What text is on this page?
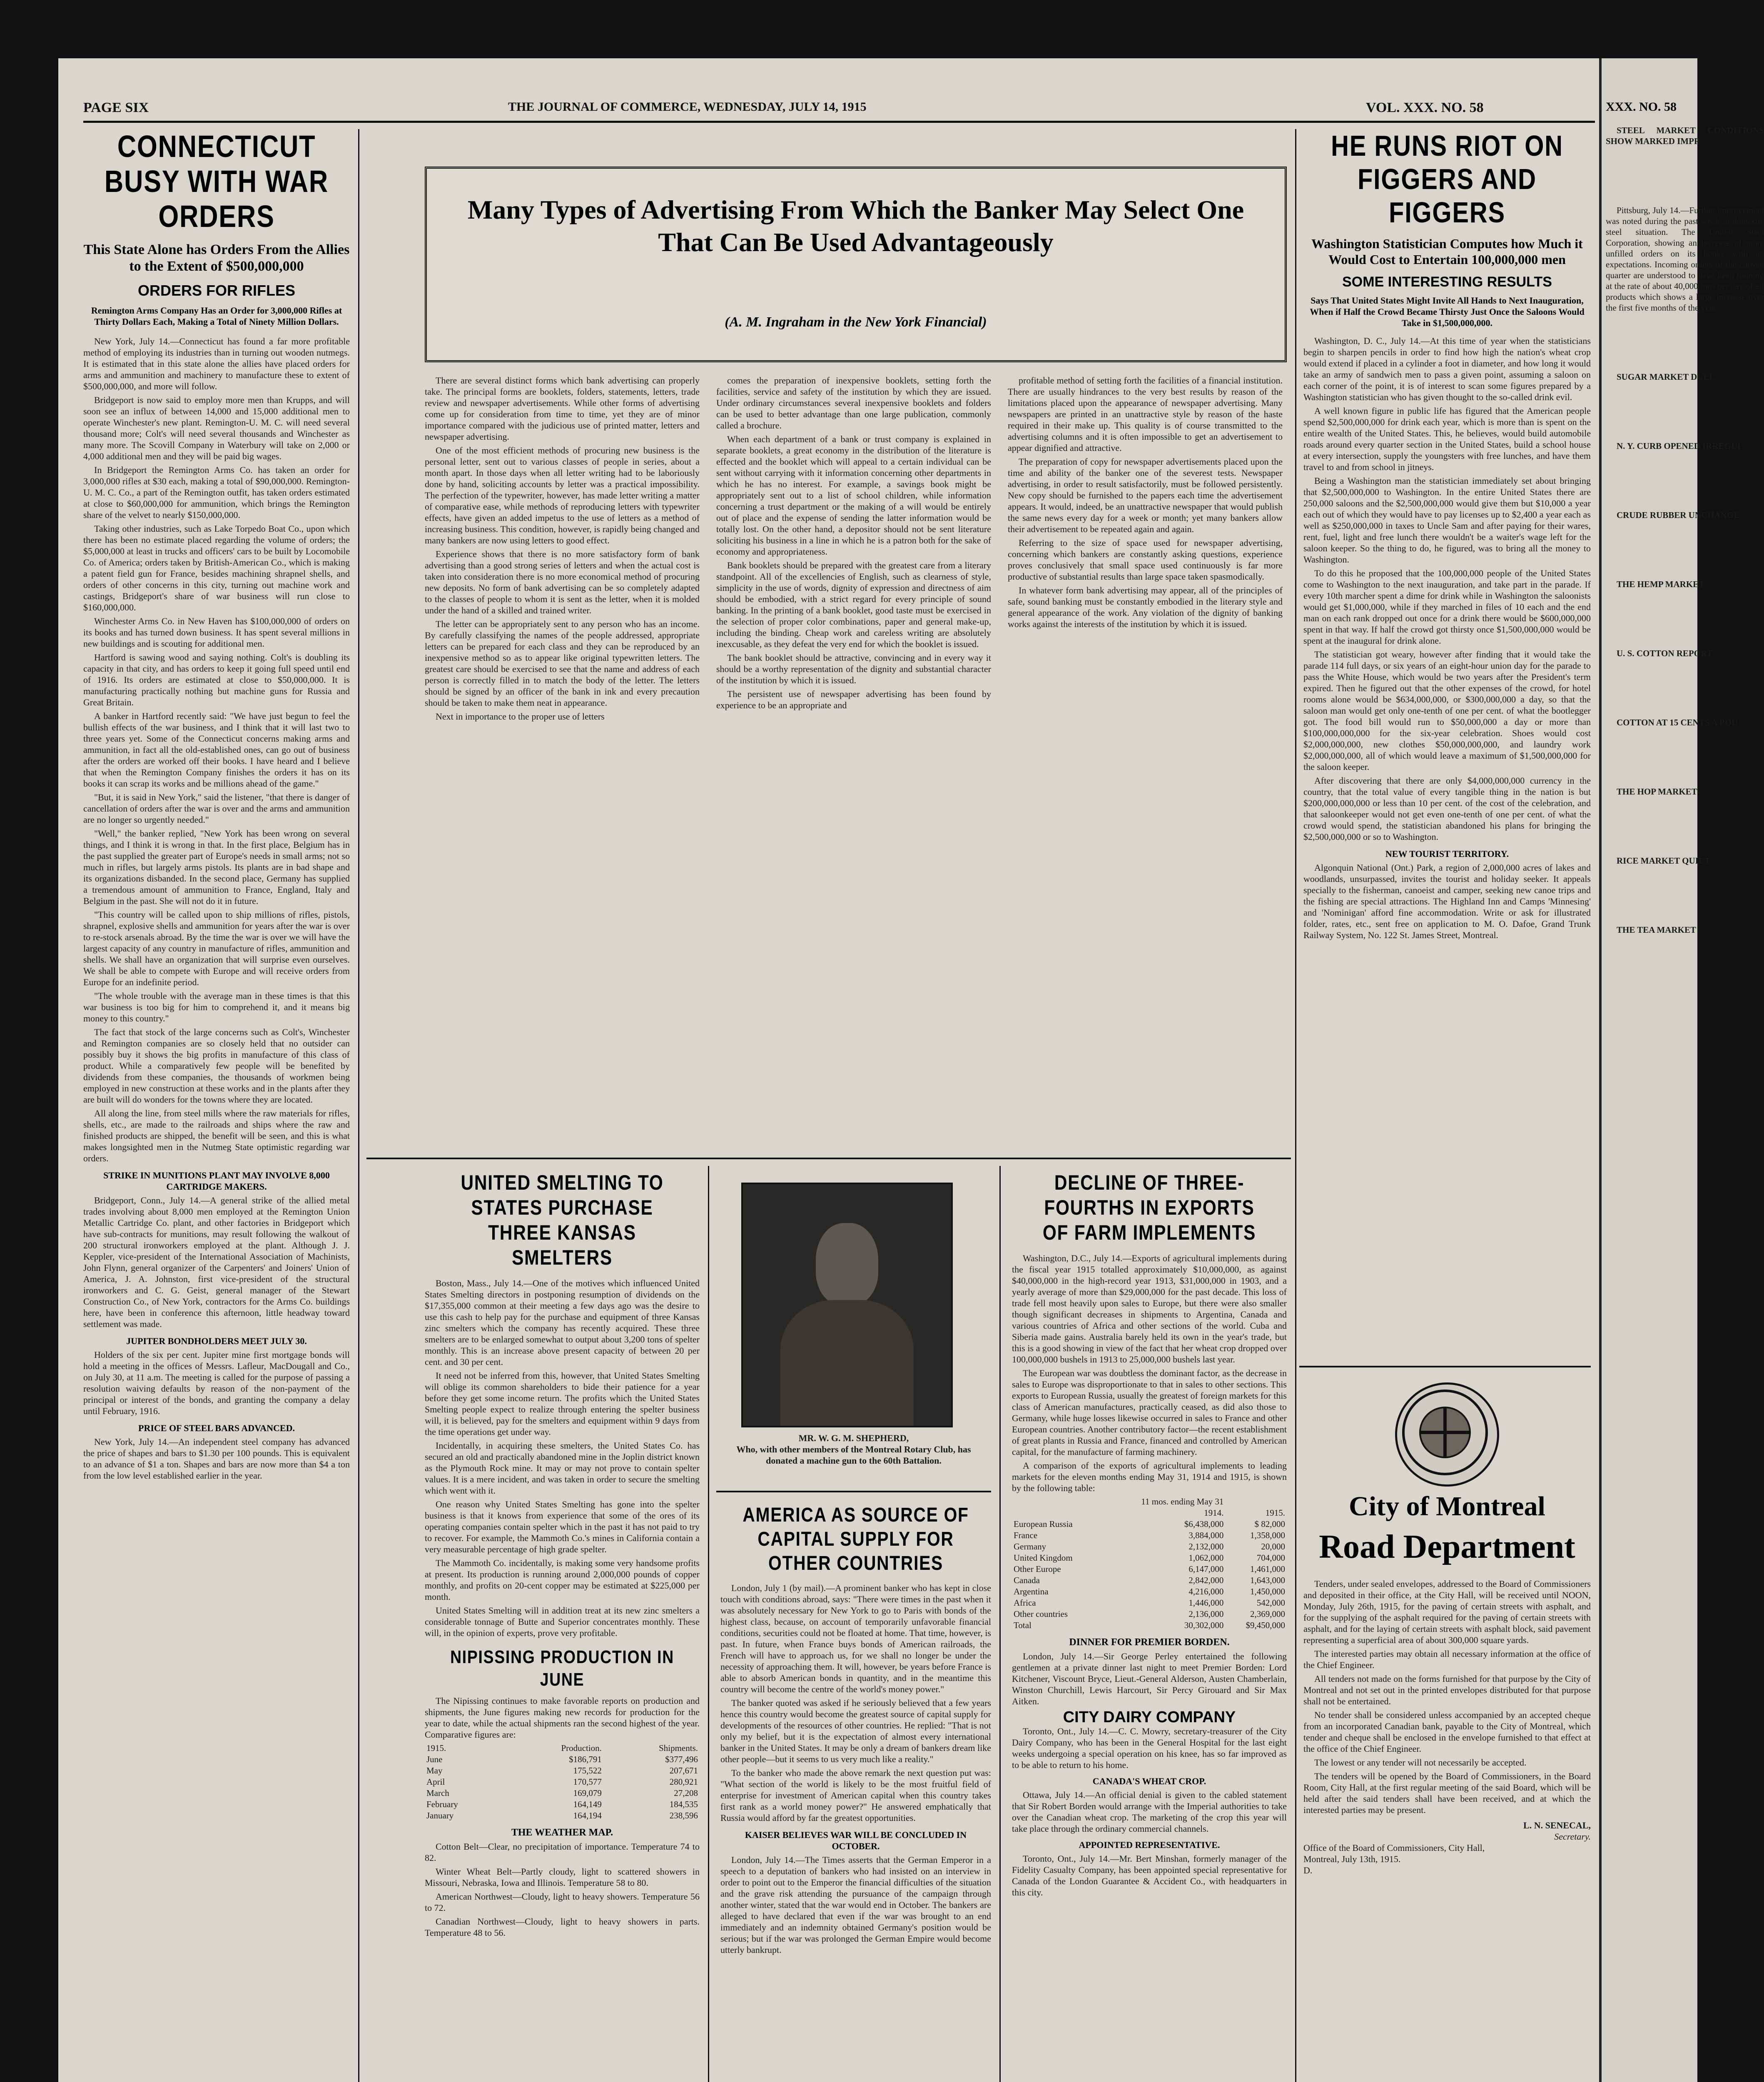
PAGE SIX	THE JOURNAL OF COMMERCE, WEDNESDAY, JULY 14, 1915	VOL. XXX. NO. 58
CONNECTICUT BUSY WITH WAR ORDERS
This State Alone has Orders From the Allies to the Extent of $500,000,000
ORDERS FOR RIFLES
Remington Arms Company Has an Order for 3,000,000 Rifles at Thirty Dollars Each, Making a Total of Ninety Million Dollars.

New York, July 14.—Connecticut has found a far more profitable method of employing its industries than in turning out wooden nutmegs. It is estimated that in this state alone the allies have placed orders for arms and ammunition and machinery to manufacture these to extent of $500,000,000, and more will follow.

Bridgeport is now said to employ more men than Krupps, and will soon see an influx of between 14,000 and 15,000 additional men to operate Winchester's new plant. Remington-U. M. C. will need several thousand more; Colt's will need several thousands and Winchester as many more. The Scovill Company in Waterbury will take on 2,000 or 4,000 additional men and they will be paid big wages.

In Bridgeport the Remington Arms Co. has taken an order for 3,000,000 rifles at $30 each, making a total of $90,000,000. Remington-U. M. C. Co., a part of the Remington outfit, has taken orders estimated at close to $60,000,000 for ammunition, which brings the Remington share of the velvet to nearly $150,000,000.

Taking other industries, such as Lake Torpedo Boat Co., upon which there has been no estimate placed regarding the volume of orders; the $5,000,000 at least in trucks and officers' cars to be built by Locomobile Co. of America; orders taken by British-American Co., which is making a patent field gun for France, besides machining shrapnel shells, and orders of other concerns in this city, turning out machine work and castings, Bridgeport's share of war business will run close to $160,000,000.

Winchester Arms Co. in New Haven has $100,000,000 of orders on its books and has turned down business. It has spent several millions in new buildings and is scouting for additional men.

Hartford is sawing wood and saying nothing. Colt's is doubling its capacity in that city, and has orders to keep it going full speed until end of 1916. Its orders are estimated at close to $50,000,000. It is manufacturing practically nothing but machine guns for Russia and Great Britain.

A banker in Hartford recently said: "We have just begun to feel the bullish effects of the war business, and I think that it will last two to three years yet. Some of the Connecticut concerns making arms and ammunition, in fact all the old-established ones, can go out of business after the orders are worked off their books. I have heard and I believe that when the Remington Company finishes the orders it has on its books it can scrap its works and be millions ahead of the game."

"But, it is said in New York," said the listener, "that there is danger of cancellation of orders after the war is over and the arms and ammunition are no longer so urgently needed."

"Well," the banker replied, "New York has been wrong on several things, and I think it is wrong in that. In the first place, Belgium has in the past supplied the greater part of Europe's needs in small arms; not so much in rifles, but largely arms pistols. Its plants are in bad shape and its organizations disbanded. In the second place, Germany has supplied a tremendous amount of ammunition to France, England, Italy and Belgium in the past. She will not do it in future.

"This country will be called upon to ship millions of rifles, pistols, shrapnel, explosive shells and ammunition for years after the war is over to re-stock arsenals abroad. By the time the war is over we will have the largest capacity of any country in manufacture of rifles, ammunition and shells. We shall have an organization that will surprise even ourselves. We shall be able to compete with Europe and will receive orders from Europe for an indefinite period.

"The whole trouble with the average man in these times is that this war business is too big for him to comprehend it, and it means big money to this country."

The fact that stock of the large concerns such as Colt's, Winchester and Remington companies are so closely held that no outsider can possibly buy it shows the big profits in manufacture of this class of product. While a comparatively few people will be benefited by dividends from these companies, the thousands of workmen being employed in new construction at these works and in the plants after they are built will do wonders for the towns where they are located.

All along the line, from steel mills where the raw materials for rifles, shells, etc., are made to the railroads and ships where the raw and finished products are shipped, the benefit will be seen, and this is what makes longsighted men in the Nutmeg State optimistic regarding war orders.

STRIKE IN MUNITIONS PLANT MAY INVOLVE 8,000 CARTRIDGE MAKERS.

Bridgeport, Conn., July 14.—A general strike of the allied metal trades involving about 8,000 men employed at the Remington Union Metallic Cartridge Co. plant, and other factories in Bridgeport which have sub-contracts for munitions, may result following the walkout of 200 structural ironworkers employed at the plant. Although J. J. Keppler, vice-president of the International Association of Machinists, John Flynn, general organizer of the Carpenters' and Joiners' Union of America, J. A. Johnston, first vice-president of the structural ironworkers and C. G. Geist, general manager of the Stewart Construction Co., of New York, contractors for the Arms Co. buildings here, have been in conference this afternoon, little headway toward settlement was made.

JUPITER BONDHOLDERS MEET JULY 30.

Holders of the six per cent. Jupiter mine first mortgage bonds will hold a meeting in the offices of Messrs. Lafleur, MacDougall and Co., on July 30, at 11 a.m. The meeting is called for the purpose of passing a resolution waiving defaults by reason of the non-payment of the principal or interest of the bonds, and granting the company a delay until February, 1916.

PRICE OF STEEL BARS ADVANCED.

New York, July 14.—An independent steel company has advanced the price of shapes and bars to $1.30 per 100 pounds. This is equivalent to an advance of $1 a ton. Shapes and bars are now more than $4 a ton from the low level established earlier in the year.

Many Types of Advertising From Which the Banker May Select One That Can Be Used Advantageously
(A. M. Ingraham in the New York Financial)

There are several distinct forms which bank advertising can properly take. The principal forms are booklets, folders, statements, letters, trade review and newspaper advertisements. While other forms of advertising come up for consideration from time to time, yet they are of minor importance compared with the judicious use of printed matter, letters and newspaper advertising.

One of the most efficient methods of procuring new business is the personal letter, sent out to various classes of people in series, about a month apart. In those days when all letter writing had to be laboriously done by hand, soliciting accounts by letter was a practical impossibility. The perfection of the typewriter, however, has made letter writing a matter of comparative ease, while methods of reproducing letters with typewriter effects, have given an added impetus to the use of letters as a method of increasing business. This condition, however, is rapidly being changed and many bankers are now using letters to good effect.

Experience shows that there is no more satisfactory form of bank advertising than a good strong series of letters and when the actual cost is taken into consideration there is no more economical method of procuring new deposits. No form of bank advertising can be so completely adapted to the classes of people to whom it is sent as the letter, when it is molded under the hand of a skilled and trained writer.

The letter can be appropriately sent to any person who has an income. By carefully classifying the names of the people addressed, appropriate letters can be prepared for each class and they can be reproduced by an inexpensive method so as to appear like original typewritten letters. The greatest care should be exercised to see that the name and address of each person is correctly filled in to match the body of the letter. The letters should be signed by an officer of the bank in ink and every precaution should be taken to make them neat in appearance.

Next in importance to the proper use of letters

comes the preparation of inexpensive booklets, setting forth the facilities, service and safety of the institution by which they are issued. Under ordinary circumstances several inexpensive booklets and folders can be used to better advantage than one large publication, commonly called a brochure.

When each department of a bank or trust company is explained in separate booklets, a great economy in the distribution of the literature is effected and the booklet which will appeal to a certain individual can be sent without carrying with it information concerning other departments in which he has no interest. For example, a savings book might be appropriately sent out to a list of school children, while information concerning a trust department or the making of a will would be entirely out of place and the expense of sending the latter information would be totally lost. On the other hand, a depositor should not be sent literature soliciting his business in a line in which he is a patron both for the sake of economy and appropriateness.

Bank booklets should be prepared with the greatest care from a literary standpoint. All of the excellencies of English, such as clearness of style, simplicity in the use of words, dignity of expression and directness of aim should be embodied, with a strict regard for every principle of sound banking. In the printing of a bank booklet, good taste must be exercised in the selection of proper color combinations, paper and general make-up, including the binding. Cheap work and careless writing are absolutely inexcusable, as they defeat the very end for which the booklet is issued.

The bank booklet should be attractive, convincing and in every way it should be a worthy representation of the dignity and substantial character of the institution by which it is issued.

The persistent use of newspaper advertising has been found by experience to be an appropriate and

profitable method of setting forth the facilities of a financial institution. There are usually hindrances to the very best results by reason of the limitations placed upon the appearance of newspaper advertising. Many newspapers are printed in an unattractive style by reason of the haste required in their make up. This quality is of course transmitted to the advertising columns and it is often impossible to get an advertisement to appear dignified and attractive.

The preparation of copy for newspaper advertisements placed upon the time and ability of the banker one of the severest tests. Newspaper advertising, in order to result satisfactorily, must be followed persistently. New copy should be furnished to the papers each time the advertisement appears. It would, indeed, be an unattractive newspaper that would publish the same news every day for a week or month; yet many bankers allow their advertisement to be repeated again and again.

Referring to the size of space used for newspaper advertising, concerning which bankers are constantly asking questions, experience proves conclusively that small space used continuously is far more productive of substantial results than large space taken spasmodically.

In whatever form bank advertising may appear, all of the principles of safe, sound banking must be constantly embodied in the literary style and general appearance of the work. Any violation of the dignity of banking works against the interests of the institution by which it is issued.

UNITED SMELTING TO STATES PURCHASE THREE KANSAS SMELTERS

Boston, Mass., July 14.—One of the motives which influenced United States Smelting directors in postponing resumption of dividends on the $17,355,000 common at their meeting a few days ago was the desire to use this cash to help pay for the purchase and equipment of three Kansas zinc smelters which the company has recently acquired. These three smelters are to be enlarged somewhat to output about 3,200 tons of spelter monthly. This is an increase above present capacity of between 20 per cent. and 30 per cent.

It need not be inferred from this, however, that United States Smelting will oblige its common shareholders to bide their patience for a year before they get some income return. The profits which the United States Smelting people expect to realize through entering the spelter business will, it is believed, pay for the smelters and equipment within 9 days from the time operations get under way.

Incidentally, in acquiring these smelters, the United States Co. has secured an old and practically abandoned mine in the Joplin district known as the Plymouth Rock mine. It may or may not prove to contain spelter values. It is a mere incident, and was taken in order to secure the smelting which went with it.

One reason why United States Smelting has gone into the spelter business is that it knows from experience that some of the ores of its operating companies contain spelter which in the past it has not paid to try to recover. For example, the Mammoth Co.'s mines in California contain a very measurable percentage of high grade spelter.

The Mammoth Co. incidentally, is making some very handsome profits at present. Its production is running around 2,000,000 pounds of copper monthly, and profits on 20-cent copper may be estimated at $225,000 per month.

United States Smelting will in addition treat at its new zinc smelters a considerable tonnage of Butte and Superior concentrates monthly. These will, in the opinion of experts, prove very profitable.

NIPISSING PRODUCTION IN JUNE

The Nipissing continues to make favorable reports on production and shipments, the June figures making new records for production for the year to date, while the actual shipments ran the second highest of the year. Comparative figures are:

1915.	Production.	Shipments.
June	$186,791	$377,496
May	175,522	207,671
April	170,577	280,921
March	169,079	27,208
February	164,149	184,535
January	164,194	238,596
THE WEATHER MAP.

Cotton Belt—Clear, no precipitation of importance. Temperature 74 to 82.

Winter Wheat Belt—Partly cloudy, light to scattered showers in Missouri, Nebraska, Iowa and Illinois. Temperature 58 to 80.

American Northwest—Cloudy, light to heavy showers. Temperature 56 to 72.

Canadian Northwest—Cloudy, light to heavy showers in parts. Temperature 48 to 56.

MR. W. G. M. SHEPHERD,
Who, with other members of the Montreal Rotary Club, has donated a machine gun to the 60th Battalion.
AMERICA AS SOURCE OF CAPITAL SUPPLY FOR OTHER COUNTRIES

London, July 1 (by mail).—A prominent banker who has kept in close touch with conditions abroad, says: "There were times in the past when it was absolutely necessary for New York to go to Paris with bonds of the highest class, because, on account of temporarily unfavorable financial conditions, securities could not be floated at home. That time, however, is past. In future, when France buys bonds of American railroads, the French will have to approach us, for we shall no longer be under the necessity of approaching them. It will, however, be years before France is able to absorb American bonds in quantity, and in the meantime this country will become the centre of the world's money power."

The banker quoted was asked if he seriously believed that a few years hence this country would become the greatest source of capital supply for developments of the resources of other countries. He replied: "That is not only my belief, but it is the expectation of almost every international banker in the United States. It may be only a dream of bankers dream like other people—but it seems to us very much like a reality."

To the banker who made the above remark the next question put was: "What section of the world is likely to be the most fruitful field of enterprise for investment of American capital when this country takes first rank as a world money power?" He answered emphatically that Russia would afford by far the greatest opportunities.

KAISER BELIEVES WAR WILL BE CONCLUDED IN OCTOBER.

London, July 14.—The Times asserts that the German Emperor in a speech to a deputation of bankers who had insisted on an interview in order to point out to the Emperor the financial difficulties of the situation and the grave risk attending the pursuance of the campaign through another winter, stated that the war would end in October. The bankers are alleged to have declared that even if the war was brought to an end immediately and an indemnity obtained Germany's position would be serious; but if the war was prolonged the German Empire would become utterly bankrupt.

DECLINE OF THREE-FOURTHS IN EXPORTS OF FARM IMPLEMENTS

Washington, D.C., July 14.—Exports of agricultural implements during the fiscal year 1915 totalled approximately $10,000,000, as against $40,000,000 in the high-record year 1913, $31,000,000 in 1903, and a yearly average of more than $29,000,000 for the past decade. This loss of trade fell most heavily upon sales to Europe, but there were also smaller though significant decreases in shipments to Argentina, Canada and various countries of Africa and other sections of the world. Cuba and Siberia made gains. Australia barely held its own in the year's trade, but this is a good showing in view of the fact that her wheat crop dropped over 100,000,000 bushels in 1913 to 25,000,000 bushels last year.

The European war was doubtless the dominant factor, as the decrease in sales to Europe was disproportionate to that in sales to other sections. This exports to European Russia, usually the greatest of foreign markets for this class of American manufactures, practically ceased, as did also those to Germany, while huge losses likewise occurred in sales to France and other European countries. Another contributory factor—the recent establishment of great plants in Russia and France, financed and controlled by American capital, for the manufacture of farming machinery.

A comparison of the exports of agricultural implements to leading markets for the eleven months ending May 31, 1914 and 1915, is shown by the following table:

	11 mos. ending May 31	
	1914.	1915.
European Russia	$6,438,000	$ 82,000
France	3,884,000	1,358,000
Germany	2,132,000	20,000
United Kingdom	1,062,000	704,000
Other Europe	6,147,000	1,461,000
Canada	2,842,000	1,643,000
Argentina	4,216,000	1,450,000
Africa	1,446,000	542,000
Other countries	2,136,000	2,369,000
Total	30,302,000	$9,450,000
DINNER FOR PREMIER BORDEN.

London, July 14.—Sir George Perley entertained the following gentlemen at a private dinner last night to meet Premier Borden: Lord Kitchener, Viscount Bryce, Lieut.-General Alderson, Austen Chamberlain, Winston Churchill, Lewis Harcourt, Sir Percy Girouard and Sir Max Aitken.

CITY DAIRY COMPANY

Toronto, Ont., July 14.—C. C. Mowry, secretary-treasurer of the City Dairy Company, who has been in the General Hospital for the last eight weeks undergoing a special operation on his knee, has so far improved as to be able to return to his home.

CANADA'S WHEAT CROP.

Ottawa, July 14.—An official denial is given to the cabled statement that Sir Robert Borden would arrange with the Imperial authorities to take over the Canadian wheat crop. The marketing of the crop this year will take place through the ordinary commercial channels.

APPOINTED REPRESENTATIVE.

Toronto, Ont., July 14.—Mr. Bert Minshan, formerly manager of the Fidelity Casualty Company, has been appointed special representative for Canada of the London Guarantee & Accident Co., with headquarters in this city.

HE RUNS RIOT ON FIGGERS AND FIGGERS
Washington Statistician Computes how Much it Would Cost to Entertain 100,000,000 men
SOME INTERESTING RESULTS
Says That United States Might Invite All Hands to Next Inauguration, When if Half the Crowd Became Thirsty Just Once the Saloons Would Take in $1,500,000,000.

Washington, D. C., July 14.—At this time of year when the statisticians begin to sharpen pencils in order to find how high the nation's wheat crop would extend if placed in a cylinder a foot in diameter, and how long it would take an army of sandwich men to pass a given point, assuming a saloon on each corner of the point, it is of interest to scan some figures prepared by a Washington statistician who has given thought to the so-called drink evil.

A well known figure in public life has figured that the American people spend $2,500,000,000 for drink each year, which is more than is spent on the entire wealth of the United States. This, he believes, would build automobile roads around every quarter section in the United States, build a school house at every intersection, supply the youngsters with free lunches, and have them travel to and from school in jitneys.

Being a Washington man the statistician immediately set about bringing that $2,500,000,000 to Washington. In the entire United States there are 250,000 saloons and the $2,500,000,000 would give them but $10,000 a year each out of which they would have to pay licenses up to $2,400 a year each as well as $250,000,000 in taxes to Uncle Sam and after paying for their wares, rent, fuel, light and free lunch there wouldn't be a waiter's wage left for the saloon keeper. So the thing to do, he figured, was to bring all the money to Washington.

To do this he proposed that the 100,000,000 people of the United States come to Washington to the next inauguration, and take part in the parade. If every 10th marcher spent a dime for drink while in Washington the saloonists would get $1,000,000, while if they marched in files of 10 each and the end man on each rank dropped out once for a drink there would be $600,000,000 spent in that way. If half the crowd got thirsty once $1,500,000,000 would be spent at the inaugural for drink alone.

The statistician got weary, however after finding that it would take the parade 114 full days, or six years of an eight-hour union day for the parade to pass the White House, which would be two years after the President's term expired. Then he figured out that the other expenses of the crowd, for hotel rooms alone would be $634,000,000, or $300,000,000 a day, so that the saloon man would get only one-tenth of one per cent. of what the bootlegger got. The food bill would run to $50,000,000 a day or more than $100,000,000,000 for the six-year celebration. Shoes would cost $2,000,000,000, new clothes $50,000,000,000, and laundry work $2,000,000,000, all of which would leave a maximum of $1,500,000,000 for the saloon keeper.

After discovering that there are only $4,000,000,000 currency in the country, that the total value of every tangible thing in the nation is but $200,000,000,000 or less than 10 per cent. of the cost of the celebration, and that saloonkeeper would not get even one-tenth of one per cent. of what the crowd would spend, the statistician abandoned his plans for bringing the $2,500,000,000 or so to Washington.

NEW TOURIST TERRITORY.

Algonquin National (Ont.) Park, a region of 2,000,000 acres of lakes and woodlands, unsurpassed, invites the tourist and holiday seeker. It appeals specially to the fisherman, canoeist and camper, seeking new canoe trips and the fishing are special attractions. The Highland Inn and Camps 'Minnesing' and 'Nominigan' afford fine accommodation. Write or ask for illustrated folder, rates, etc., sent free on application to M. O. Dafoe, Grand Trunk Railway System, No. 122 St. James Street, Montreal.

City of Montreal
Road Department

Tenders, under sealed envelopes, addressed to the Board of Commissioners and deposited in their office, at the City Hall, will be received until NOON, Monday, July 26th, 1915, for the paving of certain streets with asphalt, and for the supplying of the asphalt required for the paving of certain streets with asphalt, and for the laying of certain streets with asphalt block, said pavement representing a superficial area of about 300,000 square yards.

The interested parties may obtain all necessary information at the office of the Chief Engineer.

All tenders not made on the forms furnished for that purpose by the City of Montreal and not set out in the printed envelopes distributed for that purpose shall not be entertained.

No tender shall be considered unless accompanied by an accepted cheque from an incorporated Canadian bank, payable to the City of Montreal, which tender and cheque shall be enclosed in the envelope furnished to that effect at the office of the Chief Engineer.

The lowest or any tender will not necessarily be accepted.

The tenders will be opened by the Board of Commissioners, in the Board Room, City Hall, at the first regular meeting of the said Board, which will be held after the said tenders shall have been received, and at which the interested parties may be present.

L. N. SENECAL,
Secretary.
Office of the Board of Commissioners, City Hall,
Montreal, July 13th, 1915.
D.
XXX. NO. 58

STEEL MARKET CONDITIONS SHOW MARKED IMPR

Pittsburg, July 14.—Further improvement was noted during the past week in domestic steel situation. The United Steel Corporation, showing an increase of more unfilled orders on its books with an expectations. Incoming orders of the current quarter are understood to have been running at the rate of about 40,000 tons per day of all products which shows a large increase over the first five months of the year.

SUGAR MARKET DULL

N. Y. CURB OPENED IRREGUL

CRUDE RUBBER UNCHANGE

THE HEMP MARKET

U. S. COTTON REPORT

COTTON AT 15 CENTS A POU

THE HOP MARKET

RICE MARKET QUIET

THE TEA MARKET
